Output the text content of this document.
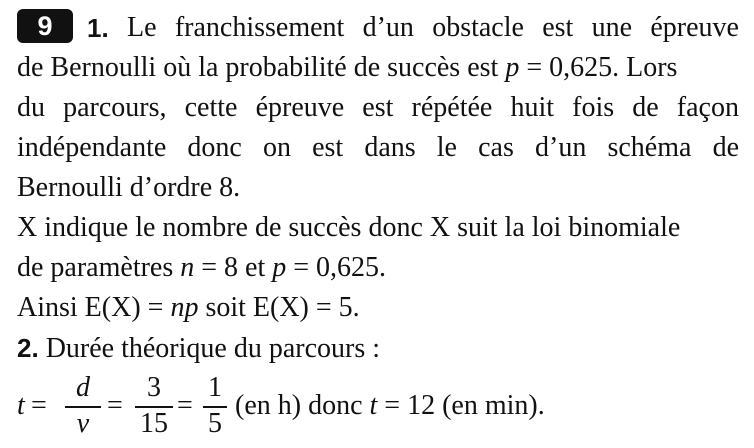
9 1. Le franchissement d’un obstacle est une épreuve
de Bernoulli où la probabilité de succès est p = 0,625. Lors
du parcours, cette épreuve est répétée huit fois de façon
indépendante donc on est dans le cas d’un schéma de
Bernoulli d’ordre 8.
X indique le nombre de succès donc X suit la loi binomiale
de paramètres n = 8 et p = 0,625.
Ainsi E(X) = np soit E(X) = 5.
2. Durée théorique du parcours :
t =
d
v
=
3
15
=
1
5
(en h) donc t = 12 (en min).
